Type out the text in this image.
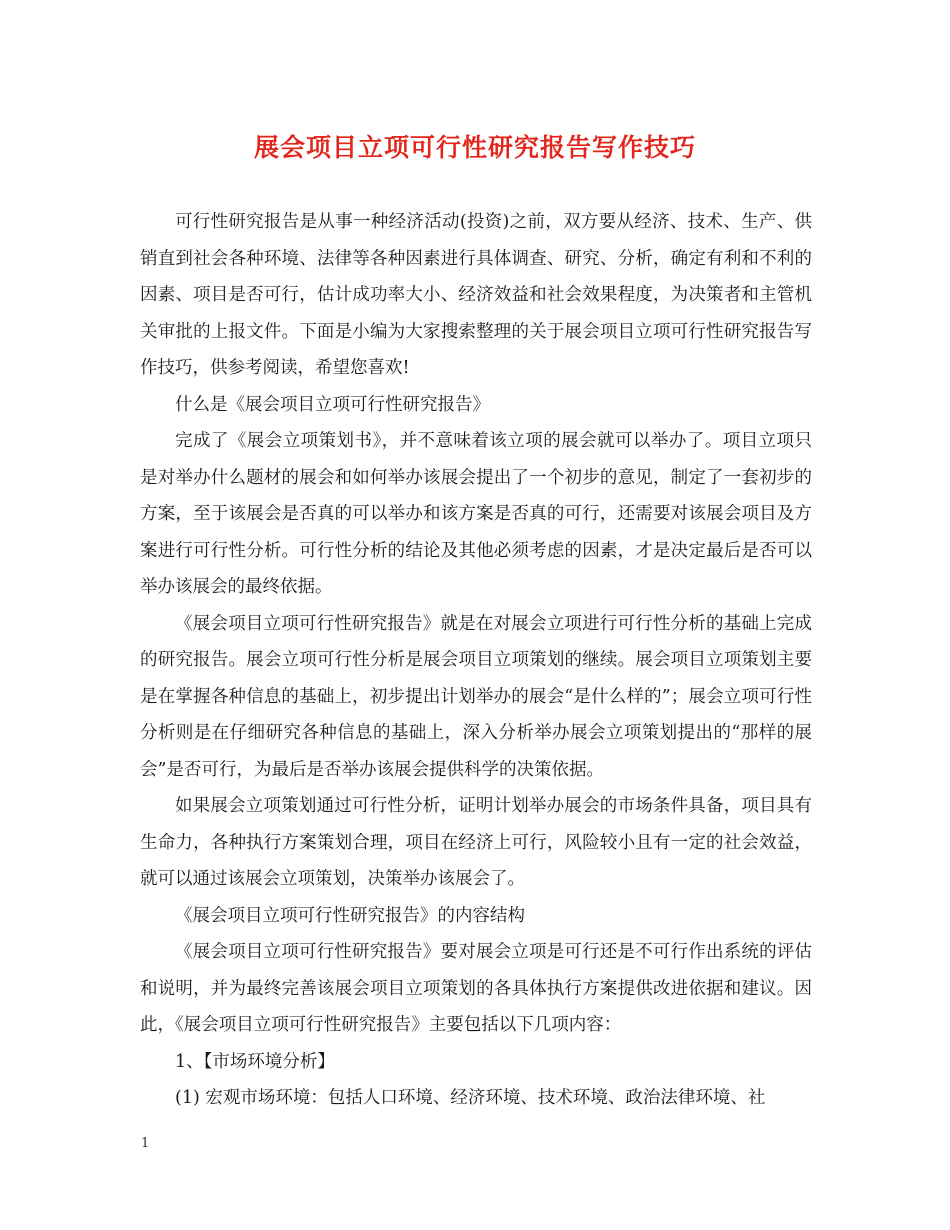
展会项目立项可行性研究报告写作技巧

可行性研究报告是从事一种经济活动(投资)之前，双方要从经济、技术、生产、供销直到社会各种环境、法律等各种因素进行具体调查、研究、分析，确定有利和不利的因素、项目是否可行，估计成功率大小、经济效益和社会效果程度，为决策者和主管机关审批的上报文件。下面是小编为大家搜索整理的关于展会项目立项可行性研究报告写作技巧，供参考阅读，希望您喜欢!

什么是《展会项目立项可行性研究报告》

完成了《展会立项策划书》，并不意味着该立项的展会就可以举办了。项目立项只是对举办什么题材的展会和如何举办该展会提出了一个初步的意见，制定了一套初步的方案，至于该展会是否真的可以举办和该方案是否真的可行，还需要对该展会项目及方案进行可行性分析。可行性分析的结论及其他必须考虑的因素，才是决定最后是否可以举办该展会的最终依据。

《展会项目立项可行性研究报告》就是在对展会立项进行可行性分析的基础上完成的研究报告。展会立项可行性分析是展会项目立项策划的继续。展会项目立项策划主要是在掌握各种信息的基础上，初步提出计划举办的展会“是什么样的”；展会立项可行性分析则是在仔细研究各种信息的基础上，深入分析举办展会立项策划提出的“那样的展会”是否可行，为最后是否举办该展会提供科学的决策依据。

如果展会立项策划通过可行性分析，证明计划举办展会的市场条件具备，项目具有生命力，各种执行方案策划合理，项目在经济上可行，风险较小且有一定的社会效益，就可以通过该展会立项策划，决策举办该展会了。

《展会项目立项可行性研究报告》的内容结构

《展会项目立项可行性研究报告》要对展会立项是可行还是不可行作出系统的评估和说明，并为最终完善该展会项目立项策划的各具体执行方案提供改进依据和建议。因此，《展会项目立项可行性研究报告》主要包括以下几项内容：

1、【市场环境分析】

(1) 宏观市场环境：包括人口环境、经济环境、技术环境、政治法律环境、社

1
